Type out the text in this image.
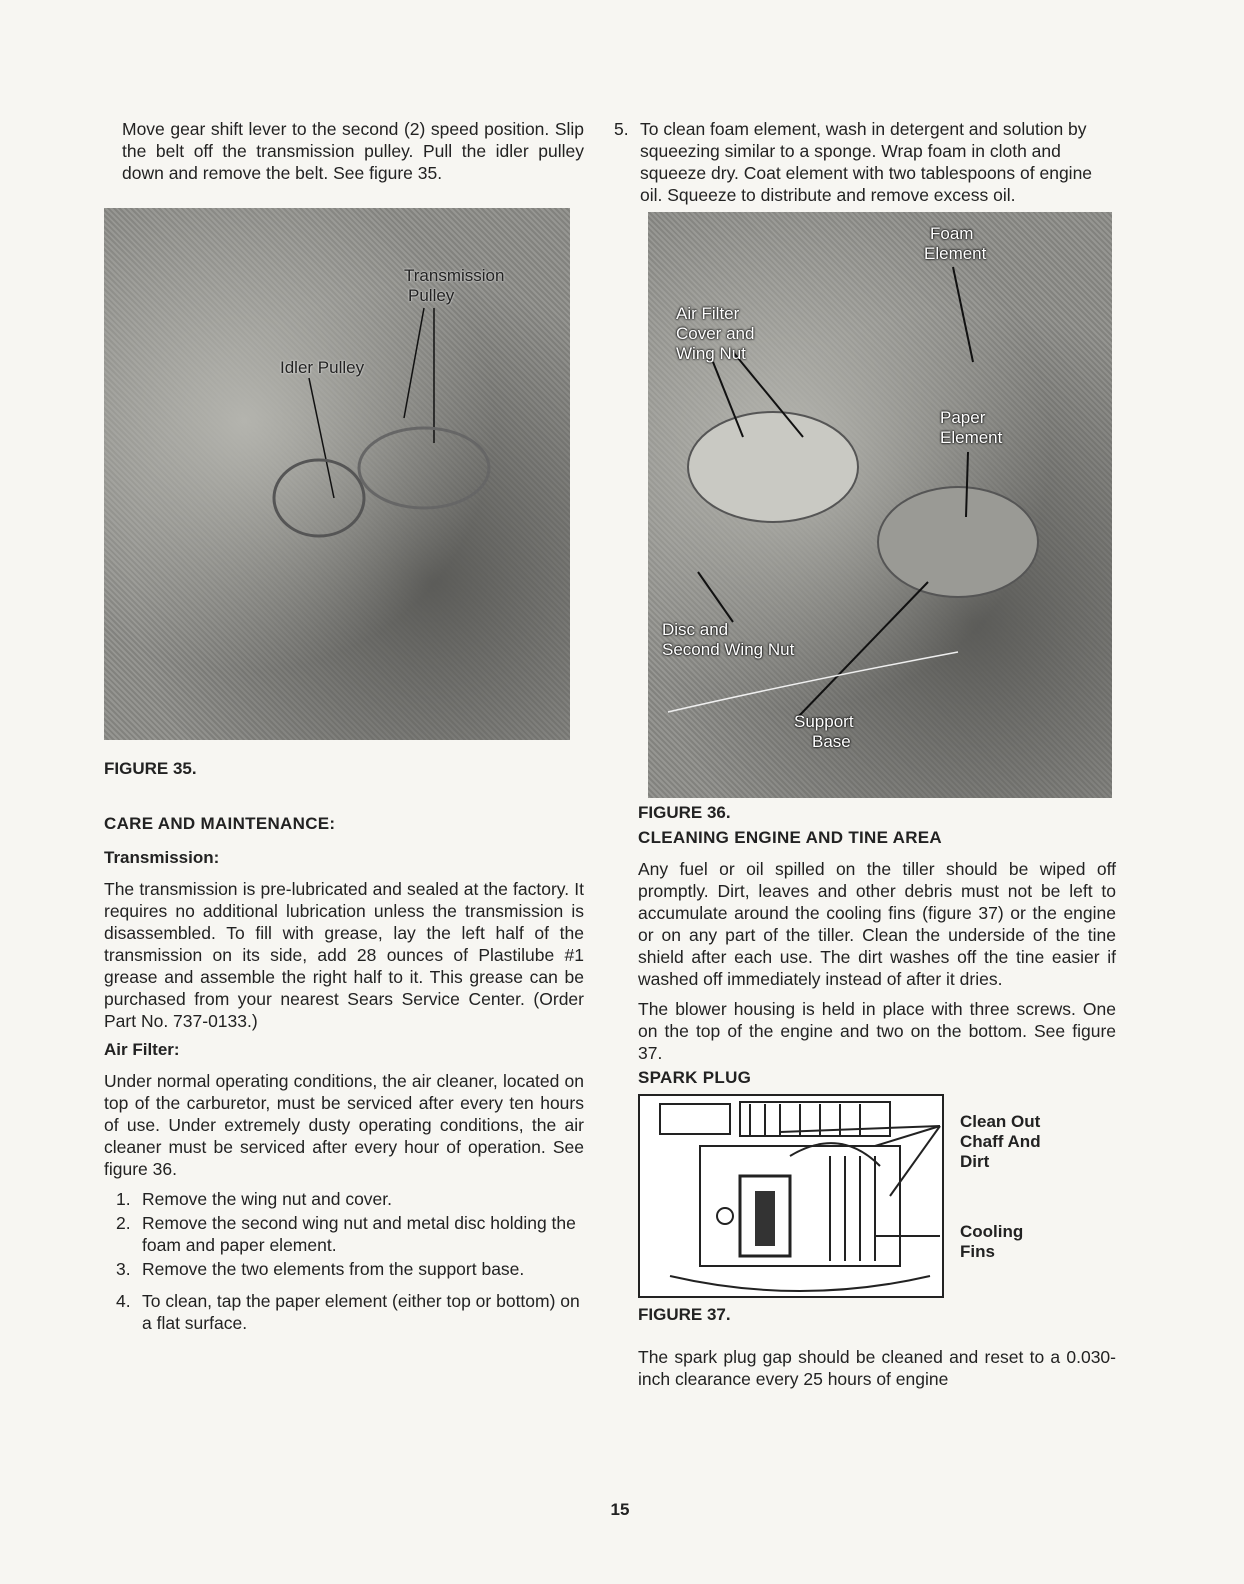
Move gear shift lever to the second (2) speed position. Slip the belt off the transmission pulley. Pull the idler pulley down and remove the belt. See figure 35.

Transmission
Pulley
Idler Pulley

FIGURE 35.

CARE AND MAINTENANCE:
Transmission:

The transmission is pre-lubricated and sealed at the factory. It requires no additional lubrication unless the transmission is disassembled. To fill with grease, lay the left half of the transmission on its side, add 28 ounces of Plastilube #1 grease and assemble the right half to it. This grease can be purchased from your nearest Sears Service Center. (Order Part No. 737-0133.)

Air Filter:

Under normal operating conditions, the air cleaner, located on top of the carburetor, must be serviced after every ten hours of use. Under extremely dusty operating conditions, the air cleaner must be serviced after every hour of operation. See figure 36.

1. Remove the wing nut and cover.
2. Remove the second wing nut and metal disc holding the foam and paper element.
3. Remove the two elements from the support base.
4. To clean, tap the paper element (either top or bottom) on a flat surface.
5. To clean foam element, wash in detergent and solution by squeezing similar to a sponge. Wrap foam in cloth and squeeze dry. Coat element with two tablespoons of engine oil. Squeeze to distribute and remove excess oil.
Foam
Element
Air Filter
Cover and
Wing Nut
Paper
Element
Disc and
Second Wing Nut
Support
Base

FIGURE 36.

CLEANING ENGINE AND TINE AREA

Any fuel or oil spilled on the tiller should be wiped off promptly. Dirt, leaves and other debris must not be left to accumulate around the cooling fins (figure 37) or the engine or on any part of the tiller. Clean the underside of the tine shield after each use. The dirt washes off the tine easier if washed off immediately instead of after it dries.

The blower housing is held in place with three screws. One on the top of the engine and two on the bottom. See figure 37.

SPARK PLUG
Clean Out
Chaff And
Dirt
Cooling
Fins

FIGURE 37.

The spark plug gap should be cleaned and reset to a 0.030-inch clearance every 25 hours of engine

15
